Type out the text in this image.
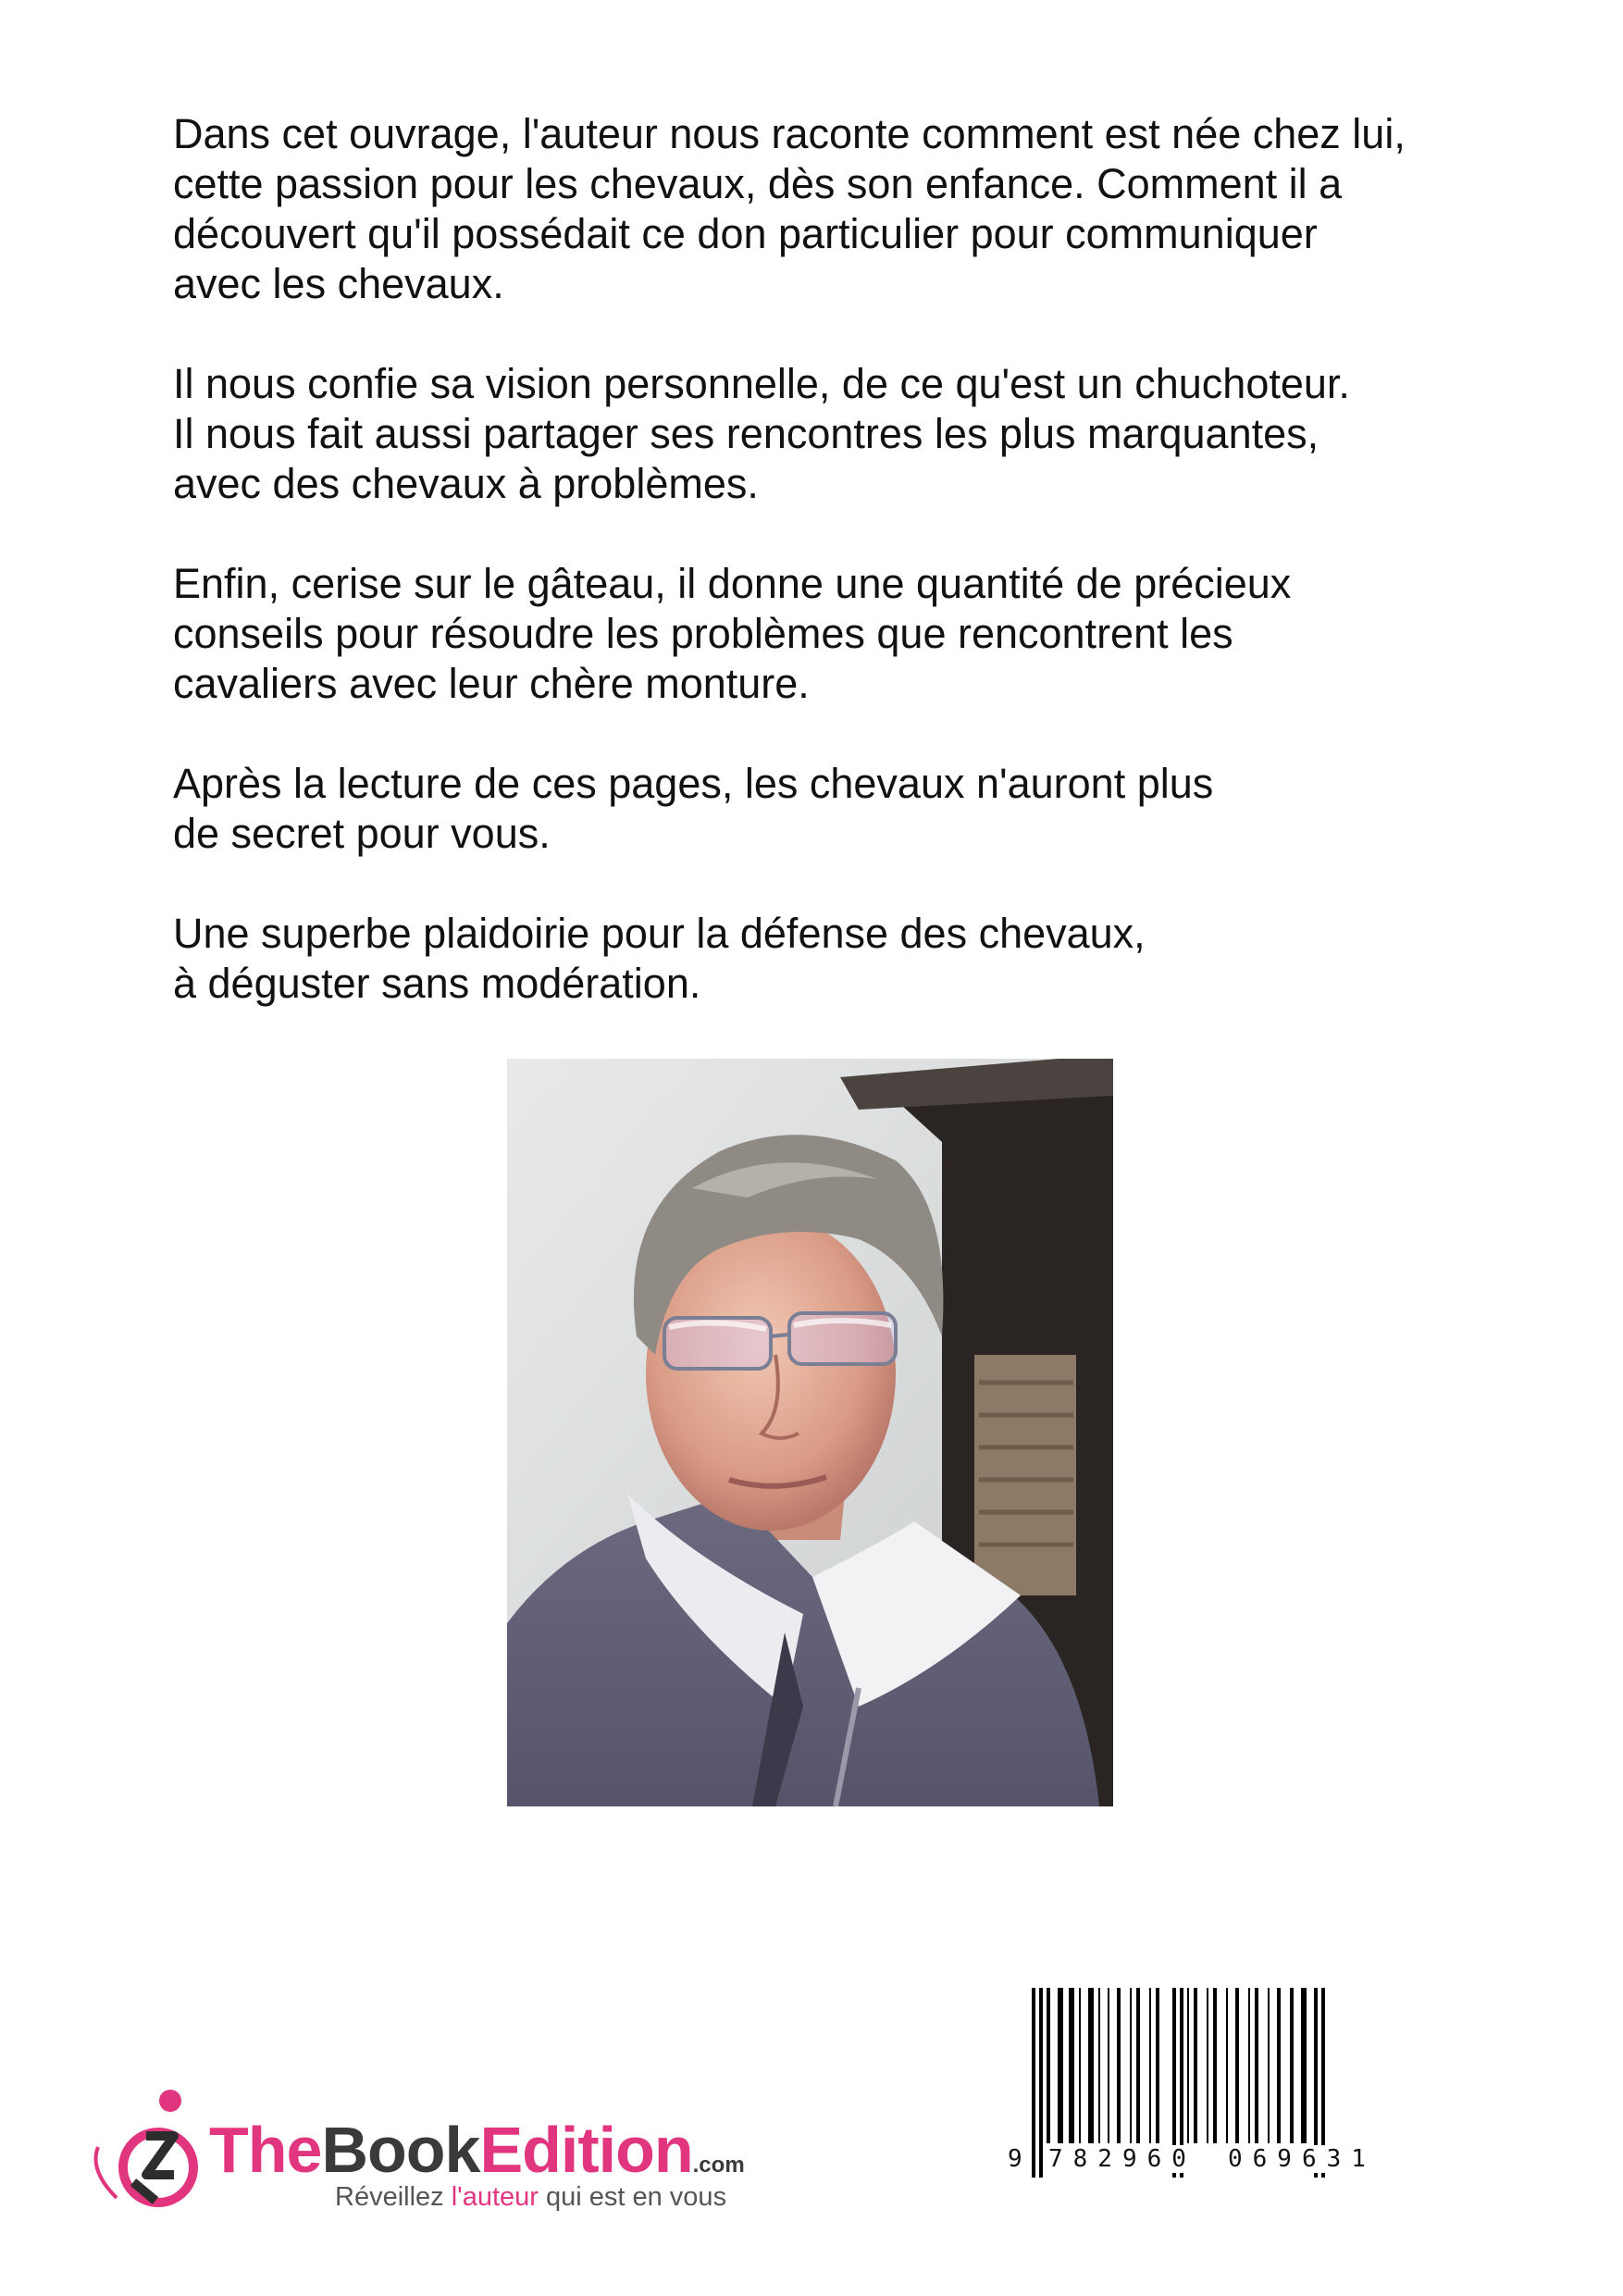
Dans cet ouvrage, l'auteur nous raconte comment est née chez lui,
cette passion pour les chevaux, dès son enfance. Comment il a
découvert qu'il possédait ce don particulier pour communiquer
avec les chevaux.

Il nous confie sa vision personnelle, de ce qu'est un chuchoteur.
Il nous fait aussi partager ses rencontres les plus marquantes,
avec des chevaux à problèmes.

Enfin, cerise sur le gâteau, il donne une quantité de précieux
conseils pour résoudre les problèmes que rencontrent les
cavaliers avec leur chère monture.

Après la lecture de ces pages, les chevaux n'auront plus
de secret pour vous.

Une superbe plaidoirie pour la défense des chevaux,
à déguster sans modération.

TheBookEdition.com
Réveillez l'auteur qui est en vous
9 782960 069631
